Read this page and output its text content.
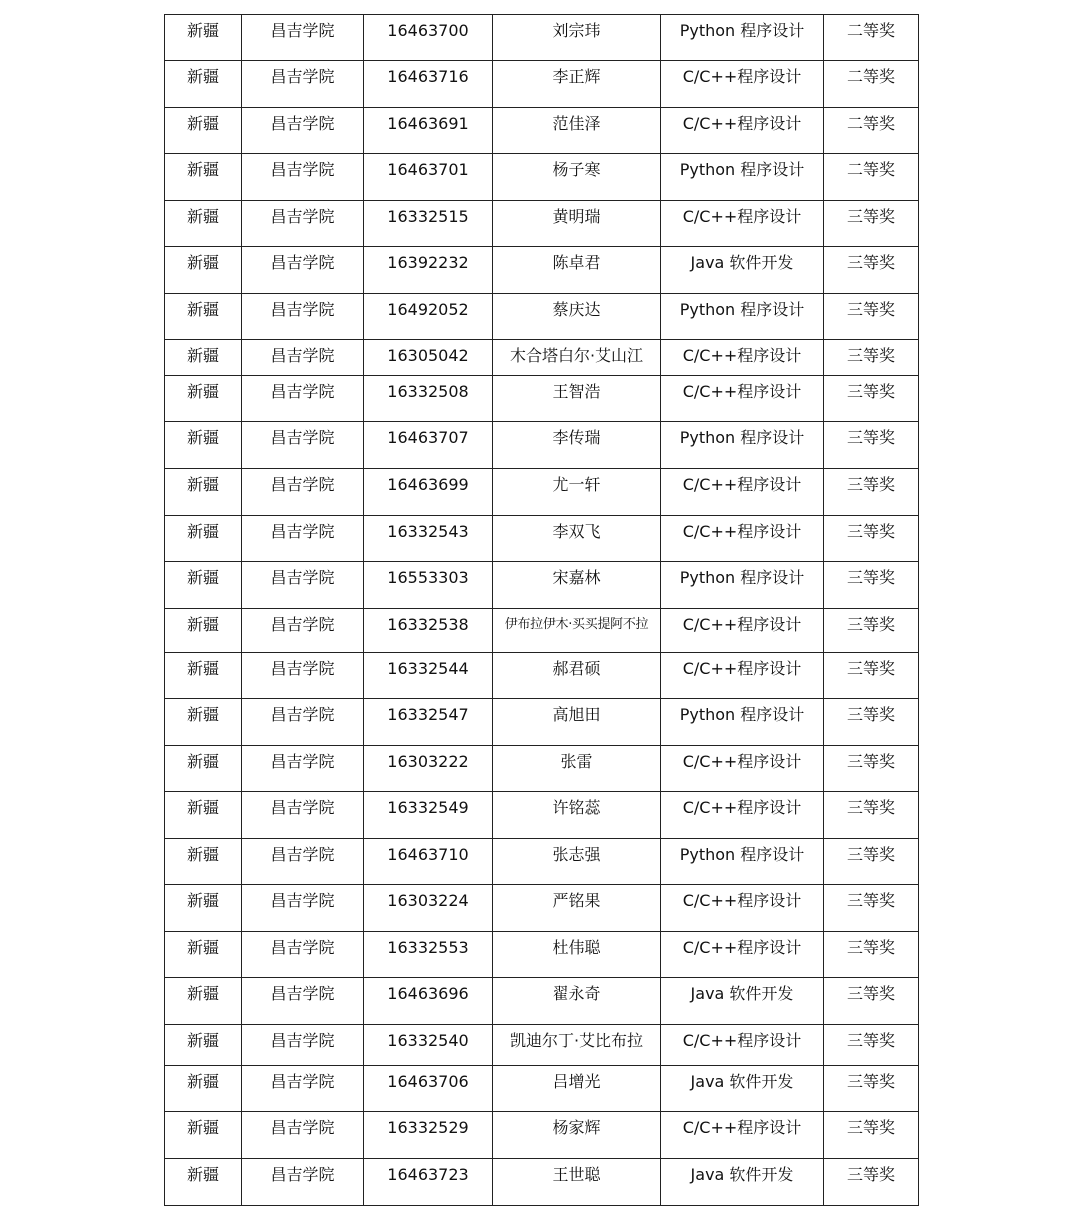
新疆	昌吉学院	16463700	刘宗玮	Python 程序设计	二等奖

新疆	昌吉学院	16463716	李正辉	C/C++程序设计	二等奖

新疆	昌吉学院	16463691	范佳泽	C/C++程序设计	二等奖

新疆	昌吉学院	16463701	杨子寒	Python 程序设计	二等奖

新疆	昌吉学院	16332515	黄明瑞	C/C++程序设计	三等奖

新疆	昌吉学院	16392232	陈卓君	Java 软件开发	三等奖

新疆	昌吉学院	16492052	蔡庆达	Python 程序设计	三等奖

新疆	昌吉学院	16305042	木合塔白尔·艾山江	C/C++程序设计	三等奖

新疆	昌吉学院	16332508	王智浩	C/C++程序设计	三等奖

新疆	昌吉学院	16463707	李传瑞	Python 程序设计	三等奖

新疆	昌吉学院	16463699	尤一轩	C/C++程序设计	三等奖

新疆	昌吉学院	16332543	李双飞	C/C++程序设计	三等奖

新疆	昌吉学院	16553303	宋嘉林	Python 程序设计	三等奖

新疆	昌吉学院	16332538	伊布拉伊木·买买提阿不拉	C/C++程序设计	三等奖

新疆	昌吉学院	16332544	郝君硕	C/C++程序设计	三等奖

新疆	昌吉学院	16332547	高旭田	Python 程序设计	三等奖

新疆	昌吉学院	16303222	张雷	C/C++程序设计	三等奖

新疆	昌吉学院	16332549	许铭蕊	C/C++程序设计	三等奖

新疆	昌吉学院	16463710	张志强	Python 程序设计	三等奖

新疆	昌吉学院	16303224	严铭果	C/C++程序设计	三等奖

新疆	昌吉学院	16332553	杜伟聪	C/C++程序设计	三等奖

新疆	昌吉学院	16463696	翟永奇	Java 软件开发	三等奖

新疆	昌吉学院	16332540	凯迪尔丁·艾比布拉	C/C++程序设计	三等奖

新疆	昌吉学院	16463706	吕增光	Java 软件开发	三等奖

新疆	昌吉学院	16332529	杨家辉	C/C++程序设计	三等奖

新疆	昌吉学院	16463723	王世聪	Java 软件开发	三等奖
